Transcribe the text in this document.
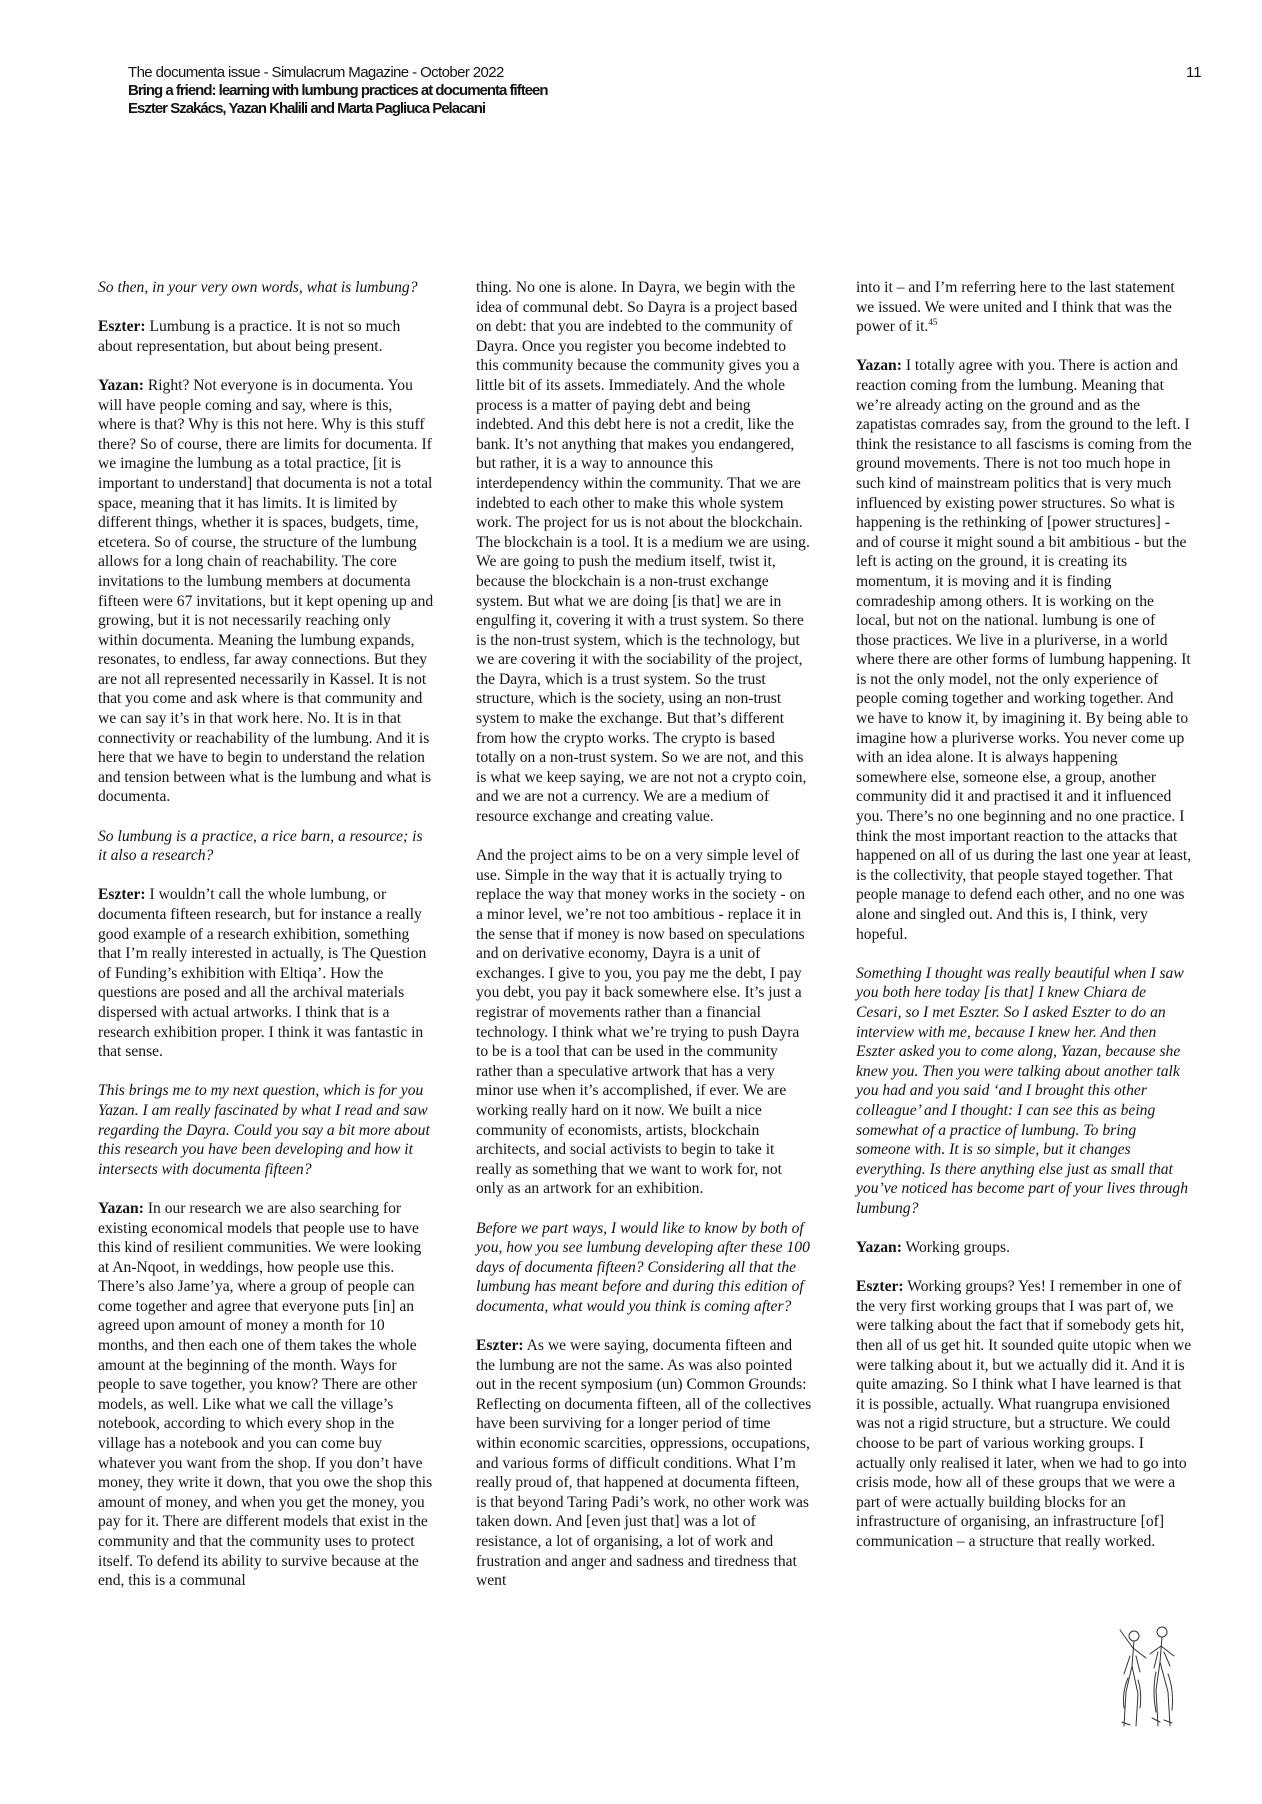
The documenta issue - Simulacrum Magazine - October 2022
Bring a friend: learning with lumbung practices at documenta fifteen
Eszter Szakács, Yazan Khalili and Marta Pagliuca Pelacani
11

So then, in your very own words, what is lumbung?

Eszter: Lumbung is a practice. It is not so much about representation, but about being present.

Yazan: Right? Not everyone is in documenta. You will have people coming and say, where is this, where is that? Why is this not here. Why is this stuff there? So of course, there are limits for documenta. If we imagine the lumbung as a total practice, [it is important to understand] that documenta is not a total space, meaning that it has limits. It is limited by different things, whether it is spaces, budgets, time, etcetera. So of course, the structure of the lumbung allows for a long chain of reachability. The core invitations to the lumbung members at documenta fifteen were 67 invitations, but it kept opening up and growing, but it is not necessarily reaching only within documenta. Meaning the lumbung expands, resonates, to endless, far away connections. But they are not all represented necessarily in Kassel. It is not that you come and ask where is that community and we can say it’s in that work here. No. It is in that connectivity or reachability of the lumbung. And it is here that we have to begin to understand the relation and tension between what is the lumbung and what is documenta.

So lumbung is a practice, a rice barn, a resource; is it also a research?

Eszter: I wouldn’t call the whole lumbung, or documenta fifteen research, but for instance a really good example of a research exhibition, something that I’m really interested in actually, is The Question of Funding’s exhibition with Eltiqa’. How the questions are posed and all the archival materials dispersed with actual artworks. I think that is a research exhibition proper. I think it was fantastic in that sense.

This brings me to my next question, which is for you Yazan. I am really fascinated by what I read and saw regarding the Dayra. Could you say a bit more about this research you have been developing and how it intersects with documenta fifteen?

Yazan: In our research we are also searching for existing economical models that people use to have this kind of resilient communities. We were looking at An-Nqoot, in weddings, how people use this. There’s also Jame’ya, where a group of people can come together and agree that everyone puts [in] an agreed upon amount of money a month for 10 months, and then each one of them takes the whole amount at the beginning of the month. Ways for people to save together, you know? There are other models, as well. Like what we call the village’s notebook, according to which every shop in the village has a notebook and you can come buy whatever you want from the shop. If you don’t have money, they write it down, that you owe the shop this amount of money, and when you get the money, you pay for it. There are different models that exist in the community and that the community uses to protect itself. To defend its ability to survive because at the end, this is a communal

thing. No one is alone. In Dayra, we begin with the idea of communal debt. So Dayra is a project based on debt: that you are indebted to the community of Dayra. Once you register you become indebted to this community because the community gives you a little bit of its assets. Immediately. And the whole process is a matter of paying debt and being indebted. And this debt here is not a credit, like the bank. It’s not anything that makes you endangered, but rather, it is a way to announce this interdependency within the community. That we are indebted to each other to make this whole system work. The project for us is not about the blockchain. The blockchain is a tool. It is a medium we are using. We are going to push the medium itself, twist it, because the blockchain is a non-trust exchange system. But what we are doing [is that] we are in engulfing it, covering it with a trust system. So there is the non-trust system, which is the technology, but we are covering it with the sociability of the project, the Dayra, which is a trust system. So the trust structure, which is the society, using an non-trust system to make the exchange. But that’s different from how the crypto works. The crypto is based totally on a non-trust system. So we are not, and this is what we keep saying, we are not not a crypto coin, and we are not a currency. We are a medium of resource exchange and creating value.

And the project aims to be on a very simple level of use. Simple in the way that it is actually trying to replace the way that money works in the society - on a minor level, we’re not too ambitious - replace it in the sense that if money is now based on speculations and on derivative economy, Dayra is a unit of exchanges. I give to you, you pay me the debt, I pay you debt, you pay it back somewhere else. It’s just a registrar of movements rather than a financial technology. I think what we’re trying to push Dayra to be is a tool that can be used in the community rather than a speculative artwork that has a very minor use when it’s accomplished, if ever. We are working really hard on it now. We built a nice community of economists, artists, blockchain architects, and social activists to begin to take it really as something that we want to work for, not only as an artwork for an exhibition.

Before we part ways, I would like to know by both of you, how you see lumbung developing after these 100 days of documenta fifteen? Considering all that the lumbung has meant before and during this edition of documenta, what would you think is coming after?

Eszter: As we were saying, documenta fifteen and the lumbung are not the same. As was also pointed out in the recent symposium (un) Common Grounds: Reflecting on documenta fifteen, all of the collectives have been surviving for a longer period of time within economic scarcities, oppressions, occupations, and various forms of difficult conditions. What I’m really proud of, that happened at documenta fifteen, is that beyond Taring Padi’s work, no other work was taken down. And [even just that] was a lot of resistance, a lot of organising, a lot of work and frustration and anger and sadness and tiredness that went

into it – and I’m referring here to the last statement we issued. We were united and I think that was the power of it.$^{45}$

Yazan: I totally agree with you. There is action and reaction coming from the lumbung. Meaning that we’re already acting on the ground and as the zapatistas comrades say, from the ground to the left. I think the resistance to all fascisms is coming from the ground movements. There is not too much hope in such kind of mainstream politics that is very much influenced by existing power structures. So what is happening is the rethinking of [power structures] - and of course it might sound a bit ambitious - but the left is acting on the ground, it is creating its momentum, it is moving and it is finding comradeship among others. It is working on the local, but not on the national. lumbung is one of those practices. We live in a pluriverse, in a world where there are other forms of lumbung happening. It is not the only model, not the only experience of people coming together and working together. And we have to know it, by imagining it. By being able to imagine how a pluriverse works. You never come up with an idea alone. It is always happening somewhere else, someone else, a group, another community did it and practised it and it influenced you. There’s no one beginning and no one practice. I think the most important reaction to the attacks that happened on all of us during the last one year at least, is the collectivity, that people stayed together. That people manage to defend each other, and no one was alone and singled out. And this is, I think, very hopeful.

Something I thought was really beautiful when I saw you both here today [is that] I knew Chiara de Cesari, so I met Eszter. So I asked Eszter to do an interview with me, because I knew her. And then Eszter asked you to come along, Yazan, because she knew you. Then you were talking about another talk you had and you said ‘and I brought this other colleague’ and I thought: I can see this as being somewhat of a practice of lumbung. To bring someone with. It is so simple, but it changes everything. Is there anything else just as small that you’ve noticed has become part of your lives through lumbung?

Yazan: Working groups.

Eszter: Working groups? Yes! I remember in one of the very first working groups that I was part of, we were talking about the fact that if somebody gets hit, then all of us get hit. It sounded quite utopic when we were talking about it, but we actually did it. And it is quite amazing. So I think what I have learned is that it is possible, actually. What ruangrupa envisioned was not a rigid structure, but a structure. We could choose to be part of various working groups. I actually only realised it later, when we had to go into crisis mode, how all of these groups that we were a part of were actually building blocks for an infrastructure of organising, an infrastructure [of] communication – a structure that really worked.
